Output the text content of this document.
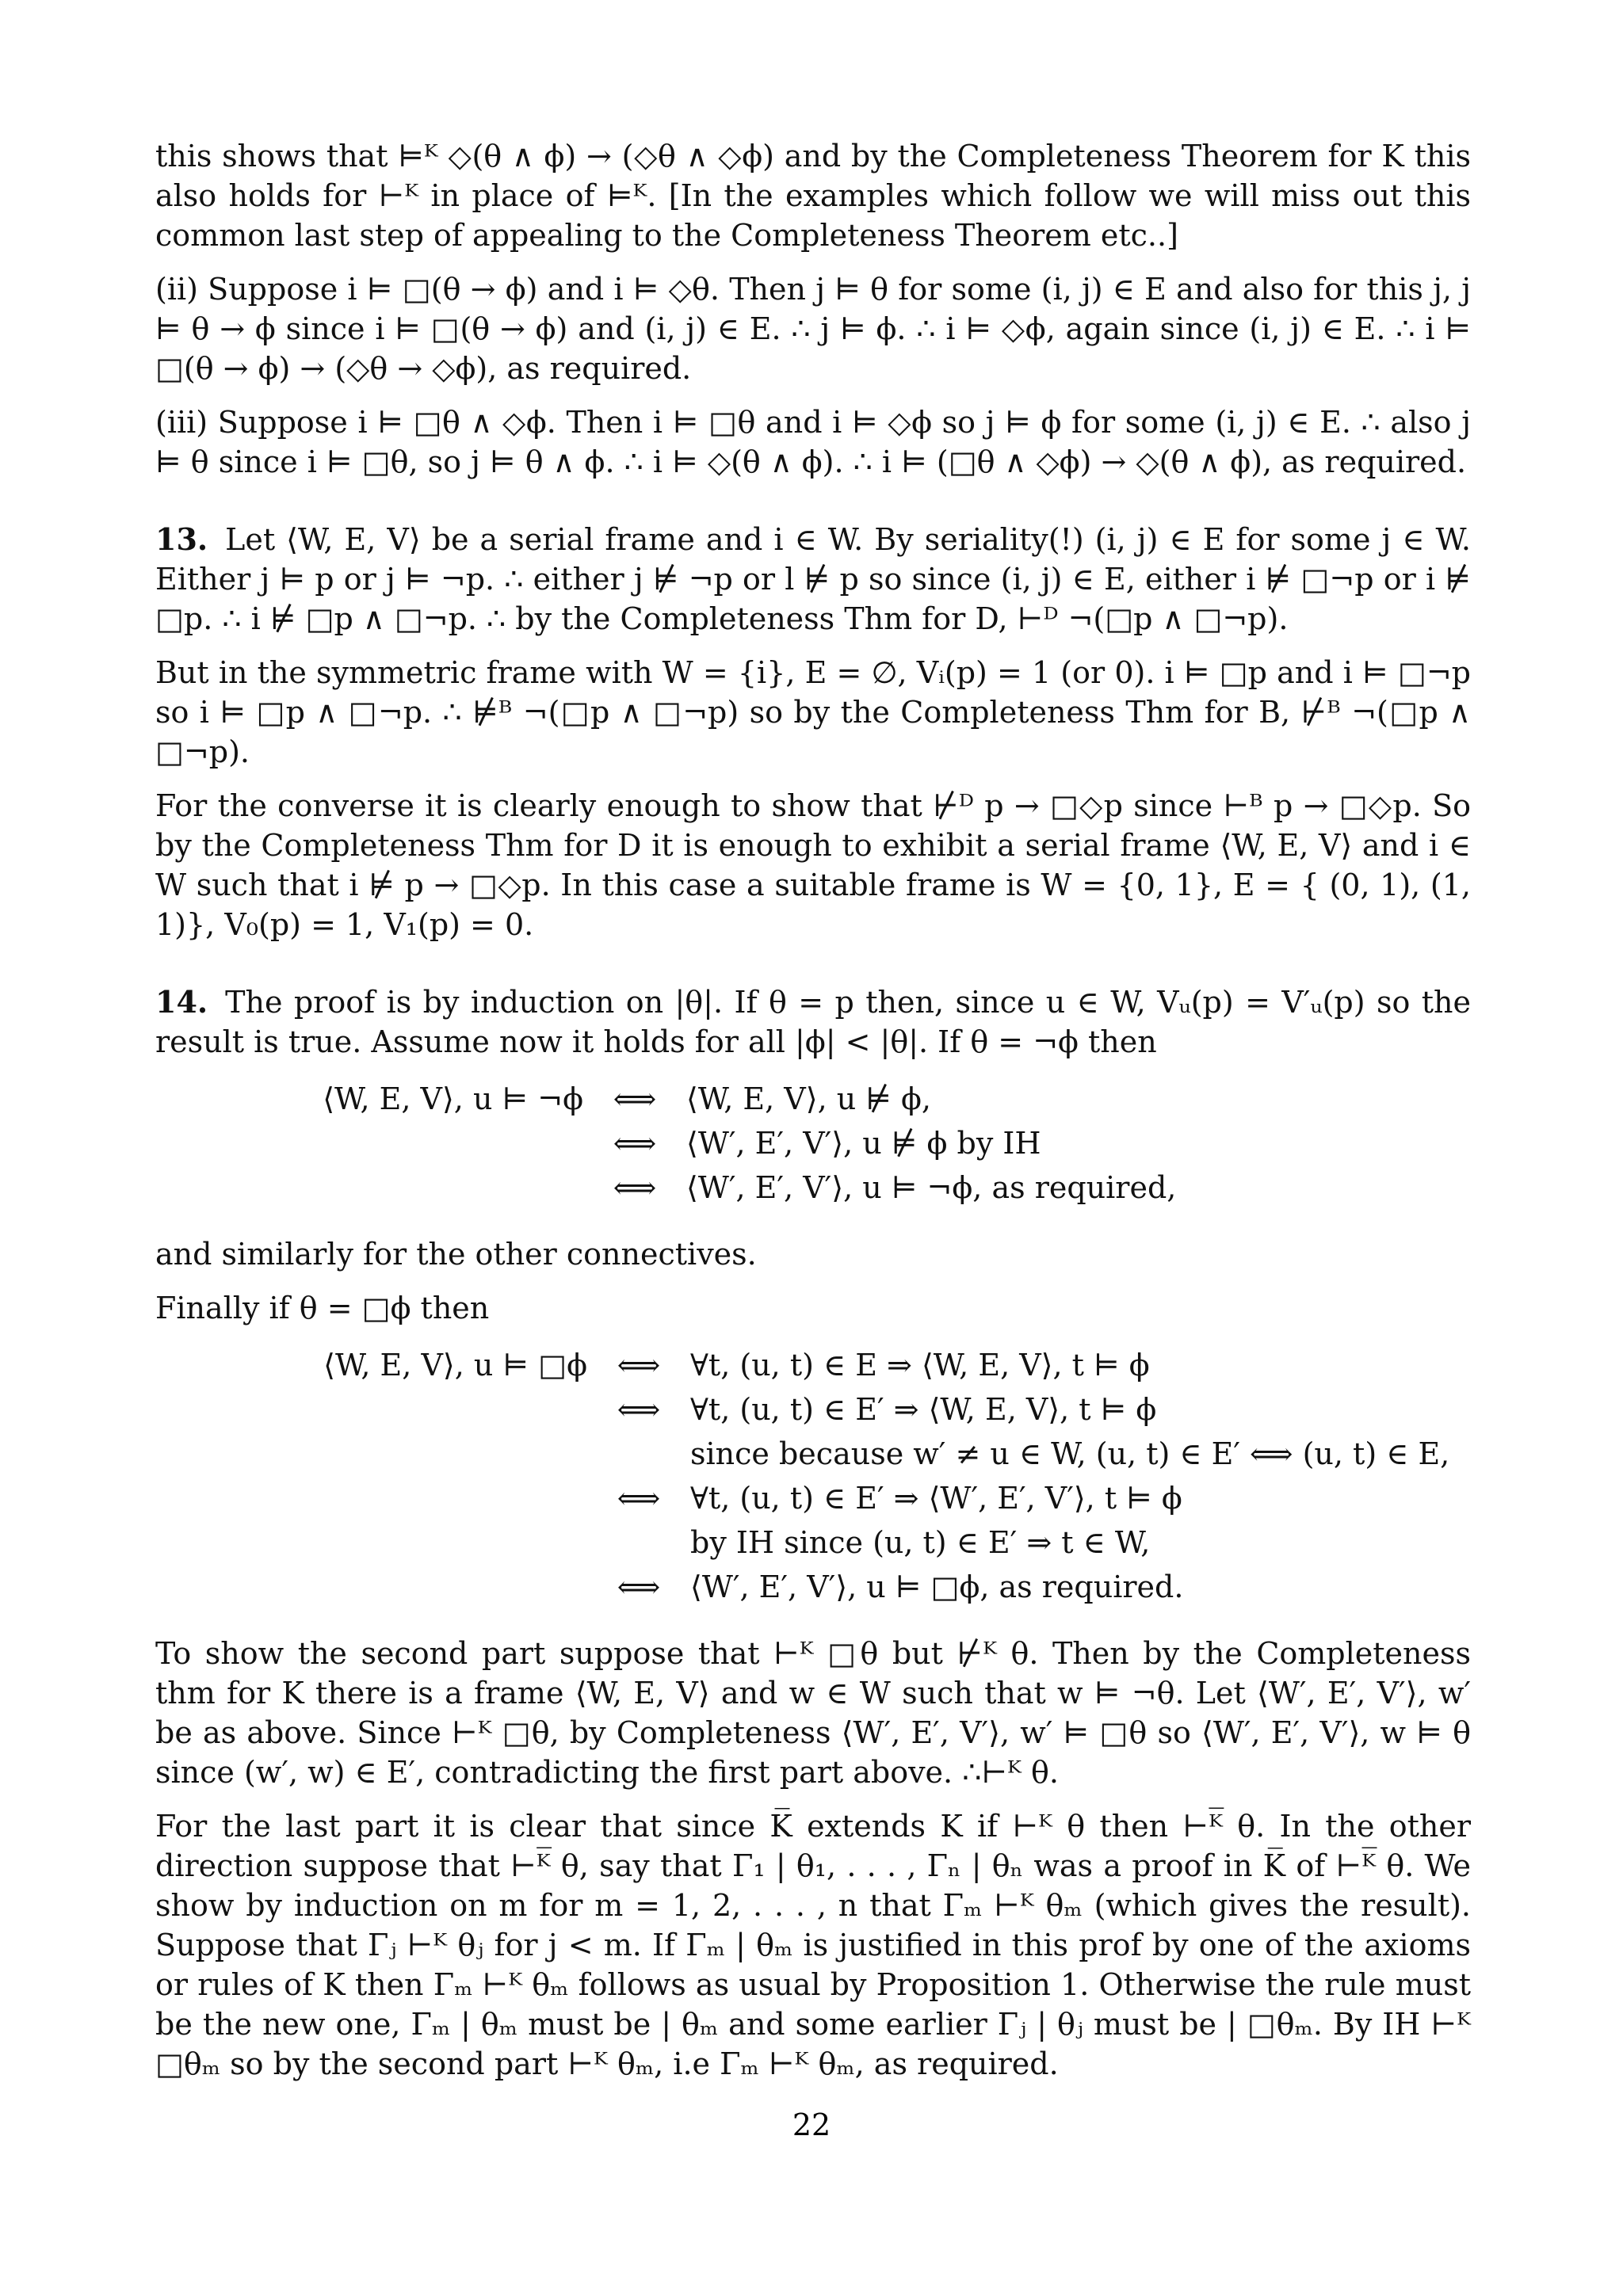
this shows that ⊨ᴷ ◇(θ ∧ ϕ) → (◇θ ∧ ◇ϕ) and by the Completeness Theorem for K this also holds for ⊢ᴷ in place of ⊨ᴷ. [In the examples which follow we will miss out this common last step of appealing to the Completeness Theorem etc..]

(ii) Suppose i ⊨ □(θ → ϕ) and i ⊨ ◇θ. Then j ⊨ θ for some (i, j) ∈ E and also for this j, j ⊨ θ → ϕ since i ⊨ □(θ → ϕ) and (i, j) ∈ E. ∴ j ⊨ ϕ. ∴ i ⊨ ◇ϕ, again since (i, j) ∈ E. ∴ i ⊨ □(θ → ϕ) → (◇θ → ◇ϕ), as required.

(iii) Suppose i ⊨ □θ ∧ ◇ϕ. Then i ⊨ □θ and i ⊨ ◇ϕ so j ⊨ ϕ for some (i, j) ∈ E. ∴ also j ⊨ θ since i ⊨ □θ, so j ⊨ θ ∧ ϕ. ∴ i ⊨ ◇(θ ∧ ϕ). ∴ i ⊨ (□θ ∧ ◇ϕ) → ◇(θ ∧ ϕ), as required.

13. Let ⟨W, E, V⟩ be a serial frame and i ∈ W. By seriality(!) (i, j) ∈ E for some j ∈ W. Either j ⊨ p or j ⊨ ¬p. ∴ either j ⊭ ¬p or l ⊭ p so since (i, j) ∈ E, either i ⊭ □¬p or i ⊭ □p. ∴ i ⊭ □p ∧ □¬p. ∴ by the Completeness Thm for D, ⊢ᴰ ¬(□p ∧ □¬p).

But in the symmetric frame with W = {i}, E = ∅, Vᵢ(p) = 1 (or 0). i ⊨ □p and i ⊨ □¬p so i ⊨ □p ∧ □¬p. ∴ ⊭ᴮ ¬(□p ∧ □¬p) so by the Completeness Thm for B, ⊬ᴮ ¬(□p ∧ □¬p).

For the converse it is clearly enough to show that ⊬ᴰ p → □◇p since ⊢ᴮ p → □◇p. So by the Completeness Thm for D it is enough to exhibit a serial frame ⟨W, E, V⟩ and i ∈ W such that i ⊭ p → □◇p. In this case a suitable frame is W = {0, 1}, E = { (0, 1), (1, 1)}, V₀(p) = 1, V₁(p) = 0.

14. The proof is by induction on |θ|. If θ = p then, since u ∈ W, Vᵤ(p) = V′ᵤ(p) so the result is true. Assume now it holds for all |ϕ| < |θ|. If θ = ¬ϕ then

⟨W, E, V⟩, u ⊨ ¬ϕ ⟺ ⟨W, E, V⟩, u ⊭ ϕ,
⟺ ⟨W′, E′, V′⟩, u ⊭ ϕ by IH
⟺ ⟨W′, E′, V′⟩, u ⊨ ¬ϕ, as required,

and similarly for the other connectives.

Finally if θ = □ϕ then

⟨W, E, V⟩, u ⊨ □ϕ ⟺ ∀t, (u, t) ∈ E ⇒ ⟨W, E, V⟩, t ⊨ ϕ
⟺ ∀t, (u, t) ∈ E′ ⇒ ⟨W, E, V⟩, t ⊨ ϕ
since because w′ ≠ u ∈ W, (u, t) ∈ E′ ⟺ (u, t) ∈ E,
⟺ ∀t, (u, t) ∈ E′ ⇒ ⟨W′, E′, V′⟩, t ⊨ ϕ
by IH since (u, t) ∈ E′ ⇒ t ∈ W,
⟺ ⟨W′, E′, V′⟩, u ⊨ □ϕ, as required.

To show the second part suppose that ⊢ᴷ □θ but ⊬ᴷ θ. Then by the Completeness thm for K there is a frame ⟨W, E, V⟩ and w ∈ W such that w ⊨ ¬θ. Let ⟨W′, E′, V′⟩, w′ be as above. Since ⊢ᴷ □θ, by Completeness ⟨W′, E′, V′⟩, w′ ⊨ □θ so ⟨W′, E′, V′⟩, w ⊨ θ since (w′, w) ∈ E′, contradicting the first part above. ∴⊢ᴷ θ.

For the last part it is clear that since K̅ extends K if ⊢ᴷ θ then ⊢ᴷ̅ θ. In the other direction suppose that ⊢ᴷ̅ θ, say that Γ₁ | θ₁, . . . , Γₙ | θₙ was a proof in K̅ of ⊢ᴷ̅ θ. We show by induction on m for m = 1, 2, . . . , n that Γₘ ⊢ᴷ θₘ (which gives the result). Suppose that Γⱼ ⊢ᴷ θⱼ for j < m. If Γₘ | θₘ is justified in this prof by one of the axioms or rules of K then Γₘ ⊢ᴷ θₘ follows as usual by Proposition 1. Otherwise the rule must be the new one, Γₘ | θₘ must be | θₘ and some earlier Γⱼ | θⱼ must be | □θₘ. By IH ⊢ᴷ □θₘ so by the second part ⊢ᴷ θₘ, i.e Γₘ ⊢ᴷ θₘ, as required.

22
